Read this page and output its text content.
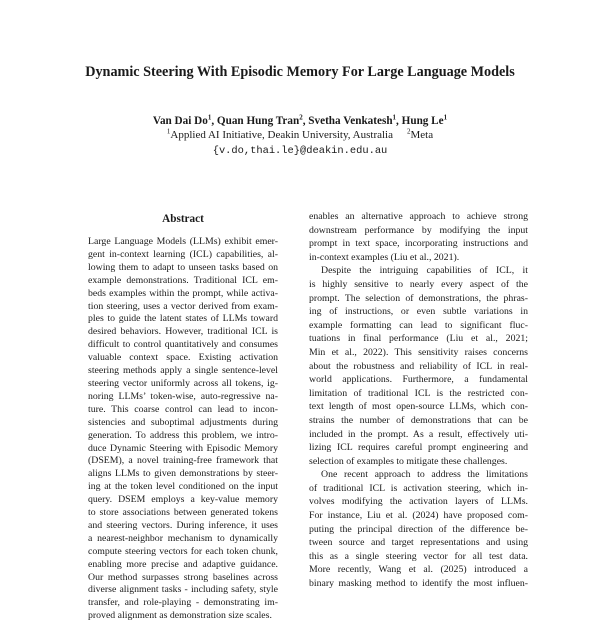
Dynamic Steering With Episodic Memory For Large Language Models
Van Dai Do$^1$, Quan Hung Tran$^2$, Svetha Venkatesh$^1$, Hung Le$^1$
$^1$Applied AI Initiative, Deakin University, Australia $^2$Meta
{v.do,thai.le}@deakin.edu.au
Abstract
Large Language Models (LLMs) exhibit emer-
gent in-context learning (ICL) capabilities, al-
lowing them to adapt to unseen tasks based on
example demonstrations. Traditional ICL em-
beds examples within the prompt, while activa-
tion steering, uses a vector derived from exam-
ples to guide the latent states of LLMs toward
desired behaviors. However, traditional ICL is
difficult to control quantitatively and consumes
valuable context space. Existing activation
steering methods apply a single sentence-level
steering vector uniformly across all tokens, ig-
noring LLMs’ token-wise, auto-regressive na-
ture. This coarse control can lead to incon-
sistencies and suboptimal adjustments during
generation. To address this problem, we intro-
duce Dynamic Steering with Episodic Memory
(DSEM), a novel training-free framework that
aligns LLMs to given demonstrations by steer-
ing at the token level conditioned on the input
query. DSEM employs a key-value memory
to store associations between generated tokens
and steering vectors. During inference, it uses
a nearest-neighbor mechanism to dynamically
compute steering vectors for each token chunk,
enabling more precise and adaptive guidance.
Our method surpasses strong baselines across
diverse alignment tasks - including safety, style
transfer, and role-playing - demonstrating im-
proved alignment as demonstration size scales.
enables an alternative approach to achieve strong
downstream performance by modifying the input
prompt in text space, incorporating instructions and
in-context examples (Liu et al., 2021).
Despite the intriguing capabilities of ICL, it
is highly sensitive to nearly every aspect of the
prompt. The selection of demonstrations, the phras-
ing of instructions, or even subtle variations in
example formatting can lead to significant fluc-
tuations in final performance (Liu et al., 2021;
Min et al., 2022). This sensitivity raises concerns
about the robustness and reliability of ICL in real-
world applications. Furthermore, a fundamental
limitation of traditional ICL is the restricted con-
text length of most open-source LLMs, which con-
strains the number of demonstrations that can be
included in the prompt. As a result, effectively uti-
lizing ICL requires careful prompt engineering and
selection of examples to mitigate these challenges.
One recent approach to address the limitations
of traditional ICL is activation steering, which in-
volves modifying the activation layers of LLMs.
For instance, Liu et al. (2024) have proposed com-
puting the principal direction of the difference be-
tween source and target representations and using
this as a single steering vector for all test data.
More recently, Wang et al. (2025) introduced a
binary masking method to identify the most influen-
